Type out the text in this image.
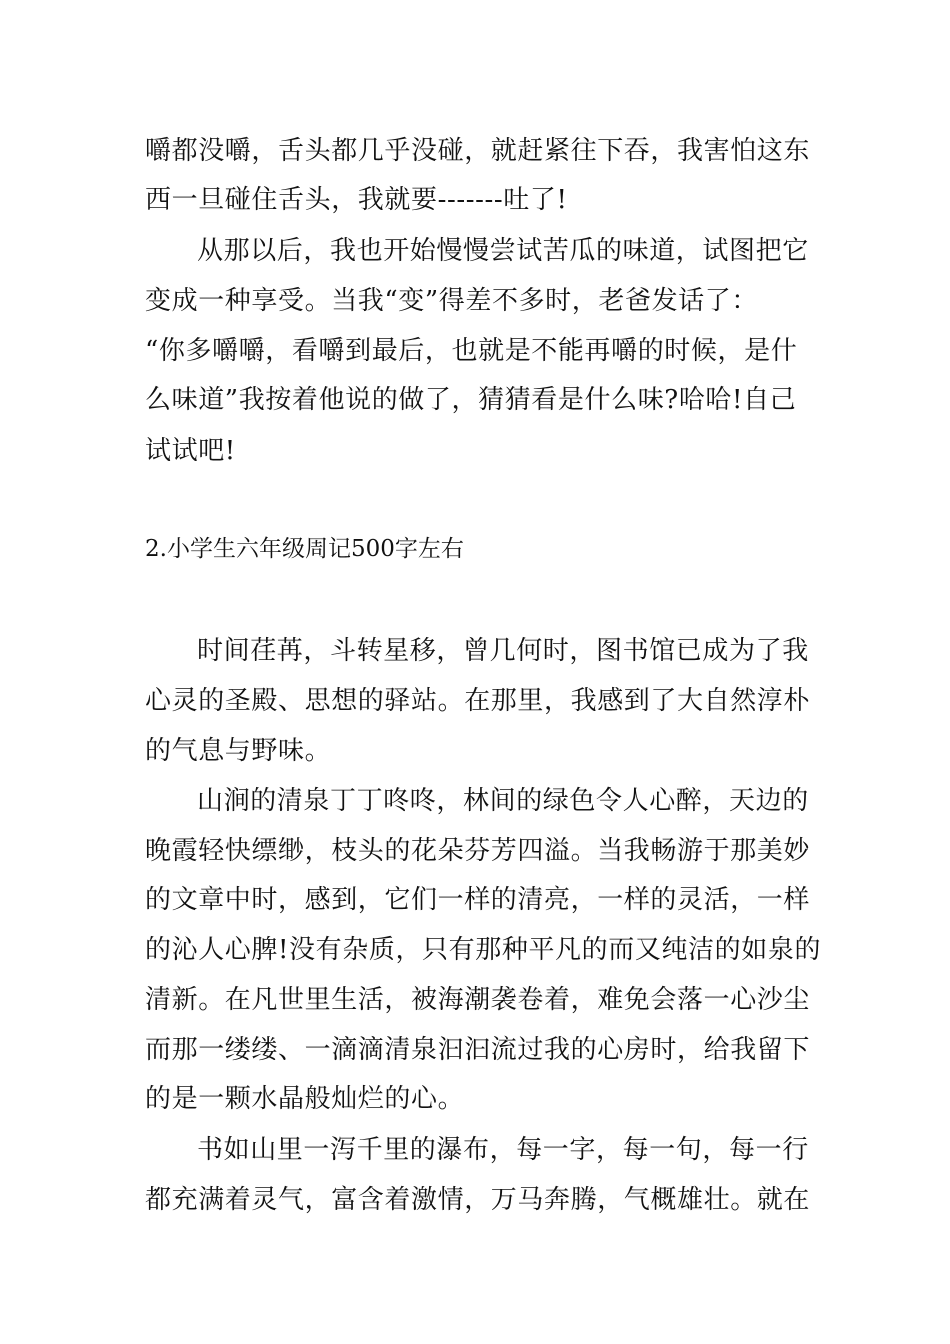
嚼都没嚼，舌头都几乎没碰，就赶紧往下吞，我害怕这东
西一旦碰住舌头，我就要-------吐了!
从那以后，我也开始慢慢尝试苦瓜的味道，试图把它
变成一种享受。当我“变”得差不多时，老爸发话了：
“你多嚼嚼，看嚼到最后，也就是不能再嚼的时候，是什
么味道”我按着他说的做了，猜猜看是什么味?哈哈!自己
试试吧!
2.小学生六年级周记500字左右
时间荏苒，斗转星移，曾几何时，图书馆已成为了我
心灵的圣殿、思想的驿站。在那里，我感到了大自然淳朴
的气息与野味。
山涧的清泉丁丁咚咚，林间的绿色令人心醉，天边的
晚霞轻快缥缈，枝头的花朵芬芳四溢。当我畅游于那美妙
的文章中时，感到，它们一样的清亮，一样的灵活，一样
的沁人心脾!没有杂质，只有那种平凡的而又纯洁的如泉的
清新。在凡世里生活，被海潮袭卷着，难免会落一心沙尘
而那一缕缕、一滴滴清泉汩汩流过我的心房时，给我留下
的是一颗水晶般灿烂的心。
书如山里一泻千里的瀑布，每一字，每一句，每一行
都充满着灵气，富含着激情，万马奔腾，气概雄壮。就在
